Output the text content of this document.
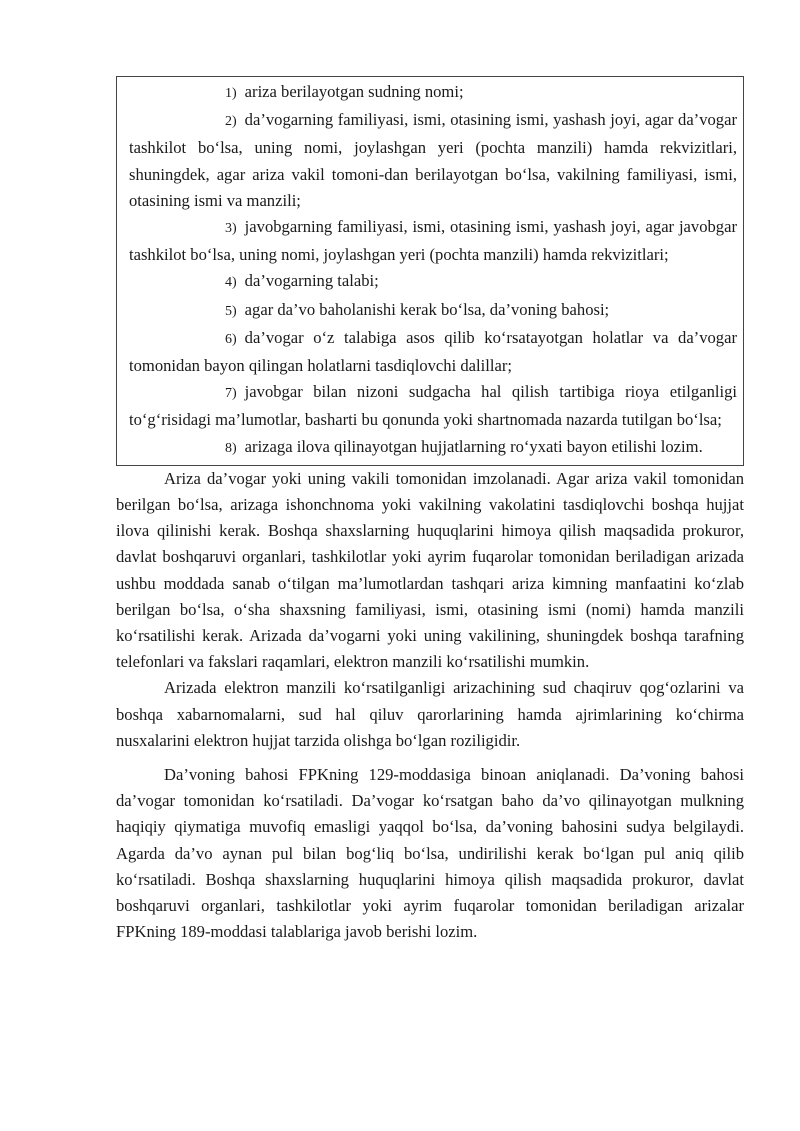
1) ariza berilayotgan sudning nomi;

2) da’vogarning familiyasi, ismi, otasining ismi, yashash joyi, agar da’vogar tashkilot bo‘lsa, uning nomi, joylashgan yeri (pochta manzili) hamda rekvizitlari, shuningdek, agar ariza vakil tomoni-dan berilayotgan bo‘lsa, vakilning familiyasi, ismi, otasining ismi va manzili;

3) javobgarning familiyasi, ismi, otasining ismi, yashash joyi, agar javobgar tashkilot bo‘lsa, uning nomi, joylashgan yeri (pochta manzili) hamda rekvizitlari;

4) da’vogarning talabi;

5) agar da’vo baholanishi kerak bo‘lsa, da’voning bahosi;

6) da’vogar o‘z talabiga asos qilib ko‘rsatayotgan holatlar va da’vogar tomonidan bayon qilingan holatlarni tasdiqlovchi dalillar;

7) javobgar bilan nizoni sudgacha hal qilish tartibiga rioya etilganligi to‘g‘risidagi ma’lumotlar, basharti bu qonunda yoki shartnomada nazarda tutilgan bo‘lsa;

8) arizaga ilova qilinayotgan hujjatlarning ro‘yxati bayon etilishi lozim.

Ariza da’vogar yoki uning vakili tomonidan imzolanadi. Agar ariza vakil tomonidan berilgan bo‘lsa, arizaga ishonchnoma yoki vakilning vakolatini tasdiqlovchi boshqa hujjat ilova qilinishi kerak. Boshqa shaxslarning huquqlarini himoya qilish maqsadida prokuror, davlat boshqaruvi organlari, tashkilotlar yoki ayrim fuqarolar tomonidan beriladigan arizada ushbu moddada sanab o‘tilgan ma’lumotlardan tashqari ariza kimning manfaatini ko‘zlab berilgan bo‘lsa, o‘sha shaxsning familiyasi, ismi, otasining ismi (nomi) hamda manzili ko‘rsatilishi kerak. Arizada da’vogarni yoki uning vakilining, shuningdek boshqa tarafning telefonlari va fakslari raqamlari, elektron manzili ko‘rsatilishi mumkin.

Arizada elektron manzili ko‘rsatilganligi arizachining sud chaqiruv qog‘ozlarini va boshqa xabarnomalarni, sud hal qiluv qarorlarining hamda ajrimlarining ko‘chirma nusxalarini elektron hujjat tarzida olishga bo‘lgan roziligidir.

Da’voning bahosi FPKning 129-moddasiga binoan aniqlanadi. Da’voning bahosi da’vogar tomonidan ko‘rsatiladi. Da’vogar ko‘rsatgan baho da’vo qilinayotgan mulkning haqiqiy qiymatiga muvofiq emasligi yaqqol bo‘lsa, da’voning bahosini sudya belgilaydi. Agarda da’vo aynan pul bilan bog‘liq bo‘lsa, undirilishi kerak bo‘lgan pul aniq qilib ko‘rsatiladi. Boshqa shaxslarning huquqlarini himoya qilish maqsadida prokuror, davlat boshqaruvi organlari, tashkilotlar yoki ayrim fuqarolar tomonidan beriladigan arizalar FPKning 189-moddasi talablariga javob berishi lozim.
